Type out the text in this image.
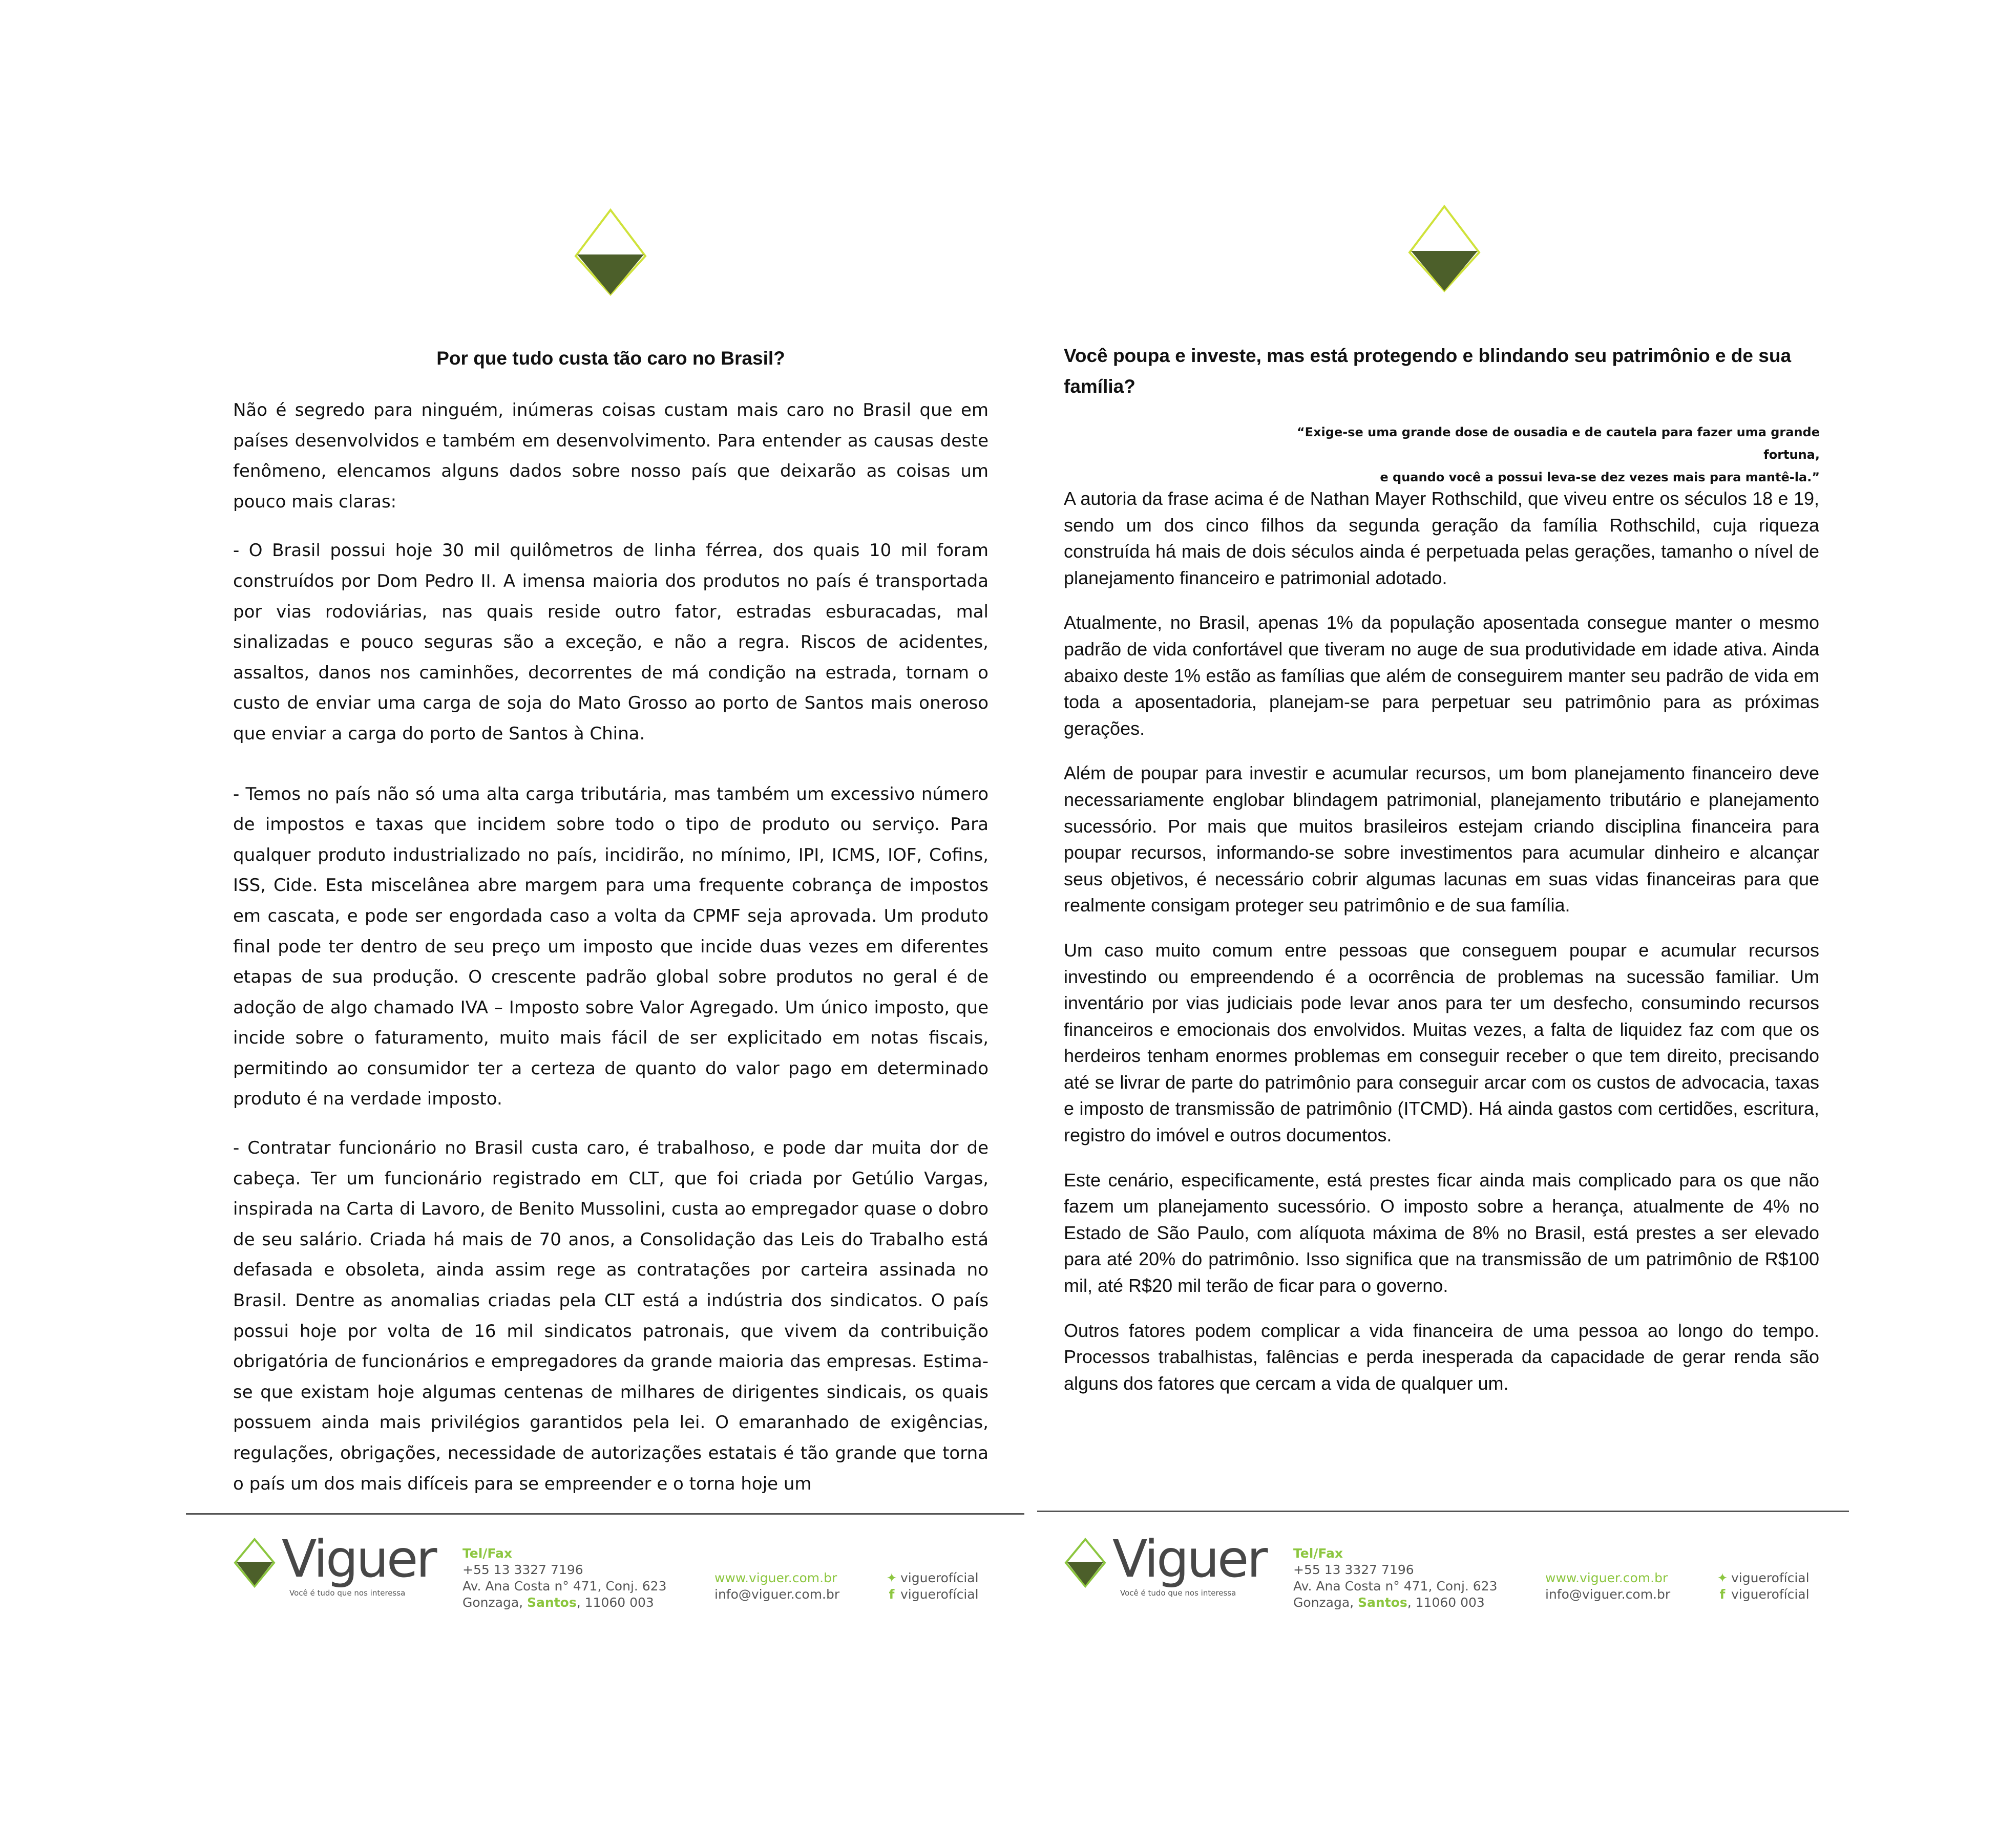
Por que tudo custa tão caro no Brasil?

Não é segredo para ninguém, inúmeras coisas custam mais caro no Brasil que em países desenvolvidos e também em desenvolvimento. Para entender as causas deste fenômeno, elencamos alguns dados sobre nosso país que deixarão as coisas um pouco mais claras:

- O Brasil possui hoje 30 mil quilômetros de linha férrea, dos quais 10 mil foram construídos por Dom Pedro II. A imensa maioria dos produtos no país é transportada por vias rodoviárias, nas quais reside outro fator, estradas esburacadas, mal sinalizadas e pouco seguras são a exceção, e não a regra. Riscos de acidentes, assaltos, danos nos caminhões, decorrentes de má condição na estrada, tornam o custo de enviar uma carga de soja do Mato Grosso ao porto de Santos mais oneroso que enviar a carga do porto de Santos à China.

- Temos no país não só uma alta carga tributária, mas também um excessivo número de impostos e taxas que incidem sobre todo o tipo de produto ou serviço. Para qualquer produto industrializado no país, incidirão, no mínimo, IPI, ICMS, IOF, Cofins, ISS, Cide. Esta miscelânea abre margem para uma frequente cobrança de impostos em cascata, e pode ser engordada caso a volta da CPMF seja aprovada. Um produto final pode ter dentro de seu preço um imposto que incide duas vezes em diferentes etapas de sua produção. O crescente padrão global sobre produtos no geral é de adoção de algo chamado IVA – Imposto sobre Valor Agregado. Um único imposto, que incide sobre o faturamento, muito mais fácil de ser explicitado em notas fiscais, permitindo ao consumidor ter a certeza de quanto do valor pago em determinado produto é na verdade imposto.

- Contratar funcionário no Brasil custa caro, é trabalhoso, e pode dar muita dor de cabeça. Ter um funcionário registrado em CLT, que foi criada por Getúlio Vargas, inspirada na Carta di Lavoro, de Benito Mussolini, custa ao empregador quase o dobro de seu salário. Criada há mais de 70 anos, a Consolidação das Leis do Trabalho está defasada e obsoleta, ainda assim rege as contratações por carteira assinada no Brasil. Dentre as anomalias criadas pela CLT está a indústria dos sindicatos. O país possui hoje por volta de 16 mil sindicatos patronais, que vivem da contribuição obrigatória de funcionários e empregadores da grande maioria das empresas. Estima-se que existam hoje algumas centenas de milhares de dirigentes sindicais, os quais possuem ainda mais privilégios garantidos pela lei. O emaranhado de exigências, regulações, obrigações, necessidade de autorizações estatais é tão grande que torna o país um dos mais difíceis para se empreender e o torna hoje um

Viguer
Você é tudo que nos interessa
Tel/Fax
+55 13 3327 7196
Av. Ana Costa n° 471, Conj. 623
Gonzaga, Santos, 11060 003
www.viguer.com.br
info@viguer.com.br
✦ viguerofícial
f viguerofícial
Você poupa e investe, mas está protegendo e blindando seu patrimônio e de sua família?

“Exige-se uma grande dose de ousadia e de cautela para fazer uma grande fortuna,

e quando você a possui leva-se dez vezes mais para mantê-la.”

A autoria da frase acima é de Nathan Mayer Rothschild, que viveu entre os séculos 18 e 19, sendo um dos cinco filhos da segunda geração da família Rothschild, cuja riqueza construída há mais de dois séculos ainda é perpetuada pelas gerações, tamanho o nível de planejamento financeiro e patrimonial adotado.

Atualmente, no Brasil, apenas 1% da população aposentada consegue manter o mesmo padrão de vida confortável que tiveram no auge de sua produtividade em idade ativa. Ainda abaixo deste 1% estão as famílias que além de conseguirem manter seu padrão de vida em toda a aposentadoria, planejam-se para perpetuar seu patrimônio para as próximas gerações.

Além de poupar para investir e acumular recursos, um bom planejamento financeiro deve necessariamente englobar blindagem patrimonial, planejamento tributário e planejamento sucessório. Por mais que muitos brasileiros estejam criando disciplina financeira para poupar recursos, informando-se sobre investimentos para acumular dinheiro e alcançar seus objetivos, é necessário cobrir algumas lacunas em suas vidas financeiras para que realmente consigam proteger seu patrimônio e de sua família.

Um caso muito comum entre pessoas que conseguem poupar e acumular recursos investindo ou empreendendo é a ocorrência de problemas na sucessão familiar. Um inventário por vias judiciais pode levar anos para ter um desfecho, consumindo recursos financeiros e emocionais dos envolvidos. Muitas vezes, a falta de liquidez faz com que os herdeiros tenham enormes problemas em conseguir receber o que tem direito, precisando até se livrar de parte do patrimônio para conseguir arcar com os custos de advocacia, taxas e imposto de transmissão de patrimônio (ITCMD). Há ainda gastos com certidões, escritura, registro do imóvel e outros documentos.

Este cenário, especificamente, está prestes ficar ainda mais complicado para os que não fazem um planejamento sucessório. O imposto sobre a herança, atualmente de 4% no Estado de São Paulo, com alíquota máxima de 8% no Brasil, está prestes a ser elevado para até 20% do patrimônio. Isso significa que na transmissão de um patrimônio de R$100 mil, até R$20 mil terão de ficar para o governo.

Outros fatores podem complicar a vida financeira de uma pessoa ao longo do tempo. Processos trabalhistas, falências e perda inesperada da capacidade de gerar renda são alguns dos fatores que cercam a vida de qualquer um.

Viguer
Você é tudo que nos interessa
Tel/Fax
+55 13 3327 7196
Av. Ana Costa n° 471, Conj. 623
Gonzaga, Santos, 11060 003
www.viguer.com.br
info@viguer.com.br
✦ viguerofícial
f viguerofícial
